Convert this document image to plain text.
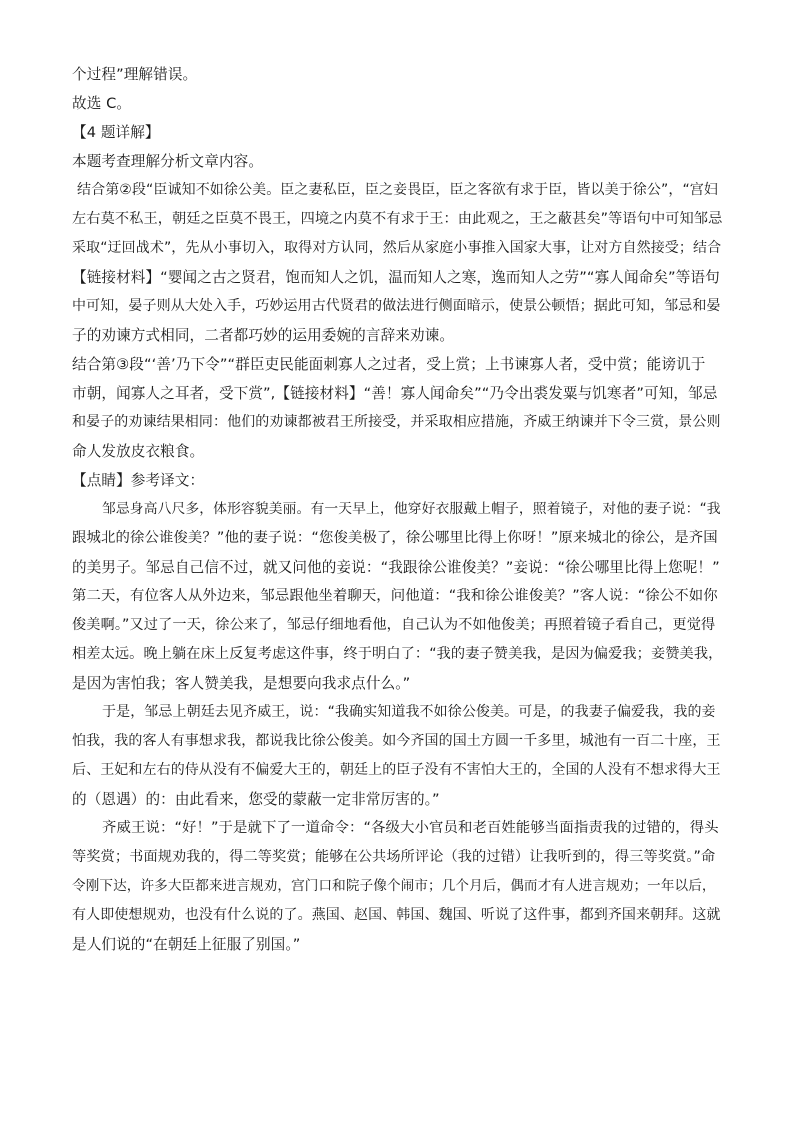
个过程”理解错误。

故选 C。

【4 题详解】

本题考查理解分析文章内容。

结合第②段“臣诚知不如徐公美。臣之妻私臣，臣之妾畏臣，臣之客欲有求于臣，皆以美于徐公”，“宫妇

左右莫不私王，朝廷之臣莫不畏王，四境之内莫不有求于王：由此观之，王之蔽甚矣”等语句中可知邹忌

采取“迂回战术”，先从小事切入，取得对方认同，然后从家庭小事推入国家大事，让对方自然接受；结合

【链接材料】“婴闻之古之贤君，饱而知人之饥，温而知人之寒，逸而知人之劳”“寡人闻命矣”等语句

中可知，晏子则从大处入手，巧妙运用古代贤君的做法进行侧面暗示，使景公顿悟；据此可知，邹忌和晏

子的劝谏方式相同，二者都巧妙的运用委婉的言辞来劝谏。

结合第③段“‘善’乃下令”“群臣吏民能面刺寡人之过者，受上赏；上书谏寡人者，受中赏；能谤讥于

市朝，闻寡人之耳者，受下赏”,【链接材料】“善！寡人闻命矣”“乃令出裘发粟与饥寒者”可知，邹忌

和晏子的劝谏结果相同：他们的劝谏都被君王所接受，并采取相应措施，齐威王纳谏并下令三赏，景公则

命人发放皮衣粮食。

【点睛】参考译文：

邹忌身高八尺多，体形容貌美丽。有一天早上，他穿好衣服戴上帽子，照着镜子，对他的妻子说：“我

跟城北的徐公谁俊美？”他的妻子说：“您俊美极了，徐公哪里比得上你呀！”原来城北的徐公，是齐国

的美男子。邹忌自己信不过，就又问他的妾说：“我跟徐公谁俊美？”妾说：“徐公哪里比得上您呢！”

第二天，有位客人从外边来，邹忌跟他坐着聊天，问他道：“我和徐公谁俊美？”客人说：“徐公不如你

俊美啊。”又过了一天，徐公来了，邹忌仔细地看他，自己认为不如他俊美；再照着镜子看自己，更觉得

相差太远。晚上躺在床上反复考虑这件事，终于明白了：“我的妻子赞美我，是因为偏爱我；妾赞美我，

是因为害怕我；客人赞美我，是想要向我求点什么。”

于是，邹忌上朝廷去见齐威王，说：“我确实知道我不如徐公俊美。可是，的我妻子偏爱我，我的妾

怕我，我的客人有事想求我，都说我比徐公俊美。如今齐国的国土方圆一千多里，城池有一百二十座，王

后、王妃和左右的侍从没有不偏爱大王的，朝廷上的臣子没有不害怕大王的，全国的人没有不想求得大王

的（恩遇）的：由此看来，您受的蒙蔽一定非常厉害的。”

齐威王说：“好！”于是就下了一道命令：“各级大小官员和老百姓能够当面指责我的过错的，得头

等奖赏；书面规劝我的，得二等奖赏；能够在公共场所评论（我的过错）让我听到的，得三等奖赏。”命

令刚下达，许多大臣都来进言规劝，宫门口和院子像个闹市；几个月后，偶而才有人进言规劝；一年以后，

有人即使想规劝，也没有什么说的了。燕国、赵国、韩国、魏国、听说了这件事，都到齐国来朝拜。这就

是人们说的“在朝廷上征服了别国。”
